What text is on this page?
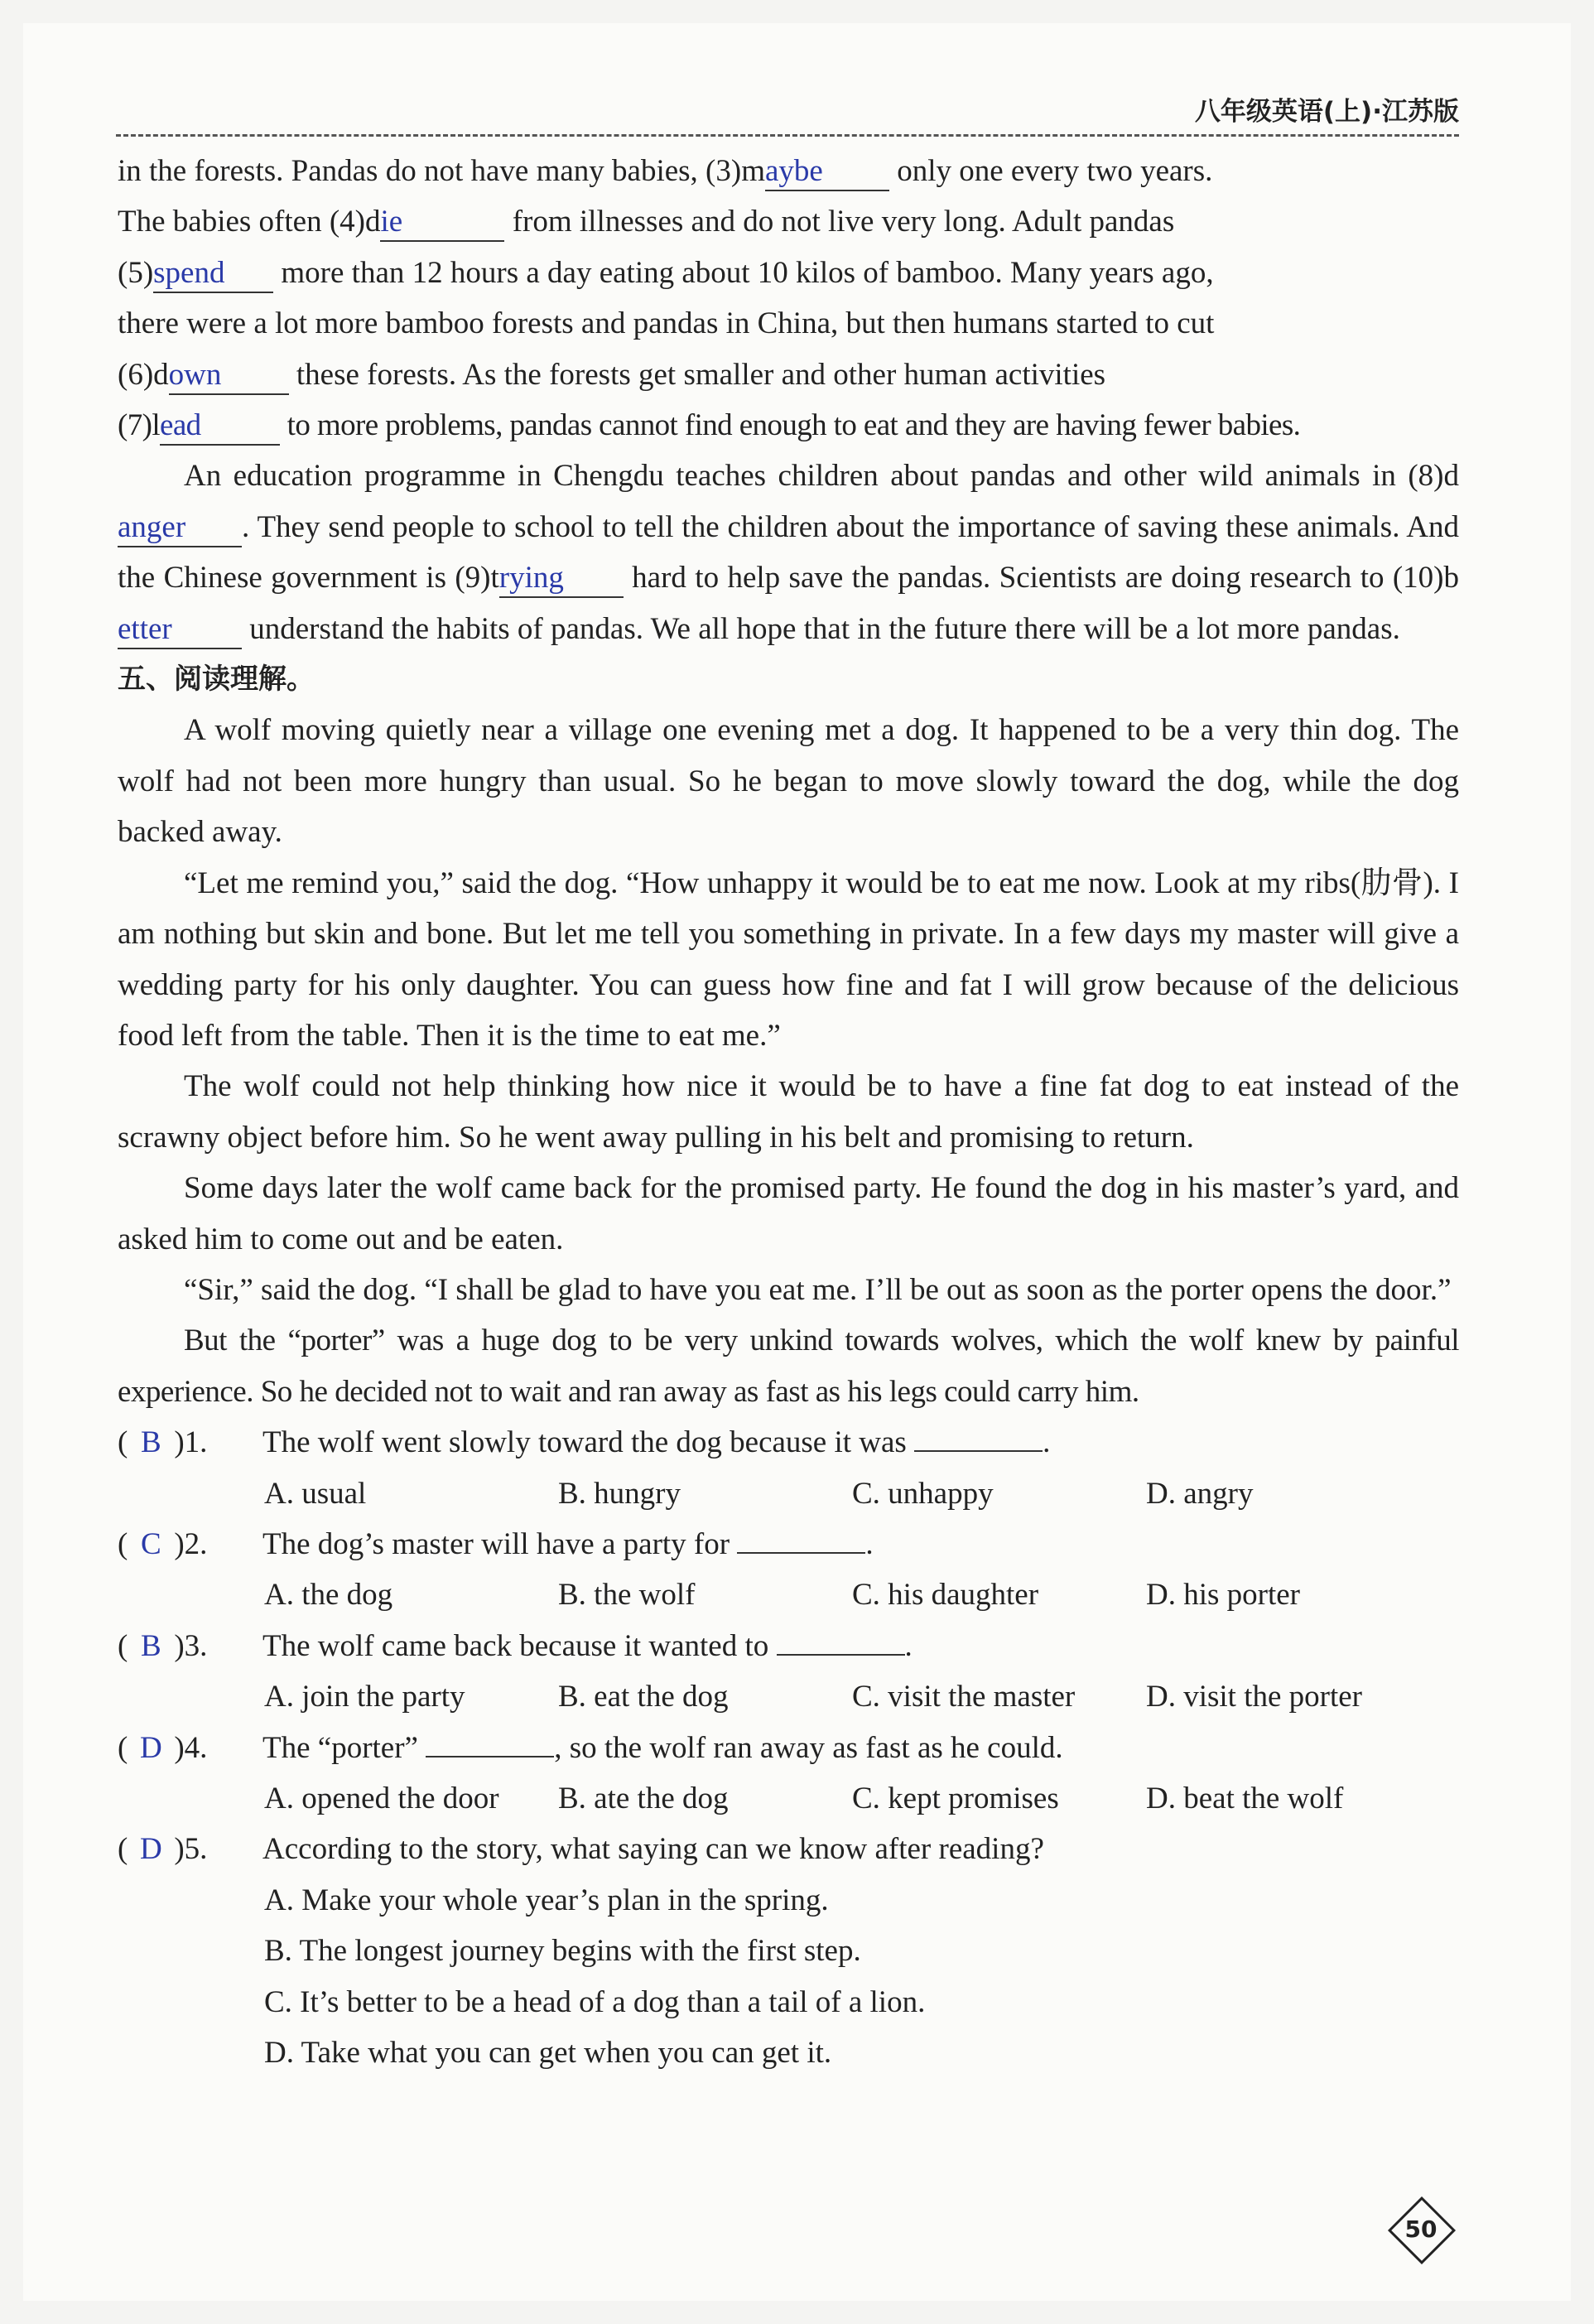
八年级英语(上)·江苏版

in the forests. Pandas do not have many babies, (3)maybe only one every two years.

The babies often (4)die	from illnesses and do not live very long. Adult pandas

(5)spend more than 12 hours a day eating about 10 kilos of bamboo. Many years ago,

there were a lot more bamboo forests and pandas in China, but then humans started to cut

(6)down these forests. As the forests get smaller and other human activities

(7)lead	to more problems, pandas cannot find enough to eat and they are having fewer babies.

An education programme in Chengdu teaches children about pandas and other wild animals in (8)danger . They send people to school to tell the children about the importance of saving these animals. And the Chinese government is (9)trying hard to help save the pandas. Scientists are doing research to (10)better understand the habits of pandas. We all hope that in the future there will be a lot more pandas.

五、阅读理解。

A wolf moving quietly near a village one evening met a dog. It happened to be a very thin dog. The wolf had not been more hungry than usual. So he began to move slowly toward the dog, while the dog backed away.

“Let me remind you,” said the dog. “How unhappy it would be to eat me now. Look at my ribs(肋骨). I am nothing but skin and bone. But let me tell you something in private. In a few days my master will give a wedding party for his only daughter. You can guess how fine and fat I will grow because of the delicious food left from the table. Then it is the time to eat me.”

The wolf could not help thinking how nice it would be to have a fine fat dog to eat instead of the scrawny object before him. So he went away pulling in his belt and promising to return.

Some days later the wolf came back for the promised party. He found the dog in his master’s yard, and asked him to come out and be eaten.

“Sir,” said the dog. “I shall be glad to have you eat me. I’ll be out as soon as the porter opens the door.”

But the “porter” was a huge dog to be very unkind towards wolves, which the wolf knew by painful experience. So he decided not to wait and ran away as fast as his legs could carry him.

( B )1.	The wolf went slowly toward the dog because it was	.
A. usual	B. hungry	C. unhappy	D. angry
( C )2.	The dog’s master will have a party for	.
A. the dog	B. the wolf	C. his daughter	D. his porter
( B )3.	The wolf came back because it wanted to	.
A. join the party	B. eat the dog	C. visit the master	D. visit the porter
( D )4.	The “porter”	, so the wolf ran away as fast as he could.
A. opened the door	B. ate the dog	C. kept promises	D. beat the wolf
( D )5.	According to the story, what saying can we know after reading?

A. Make your whole year’s plan in the spring.

B. The longest journey begins with the first step.

C. It’s better to be a head of a dog than a tail of a lion.

D. Take what you can get when you can get it.

50
